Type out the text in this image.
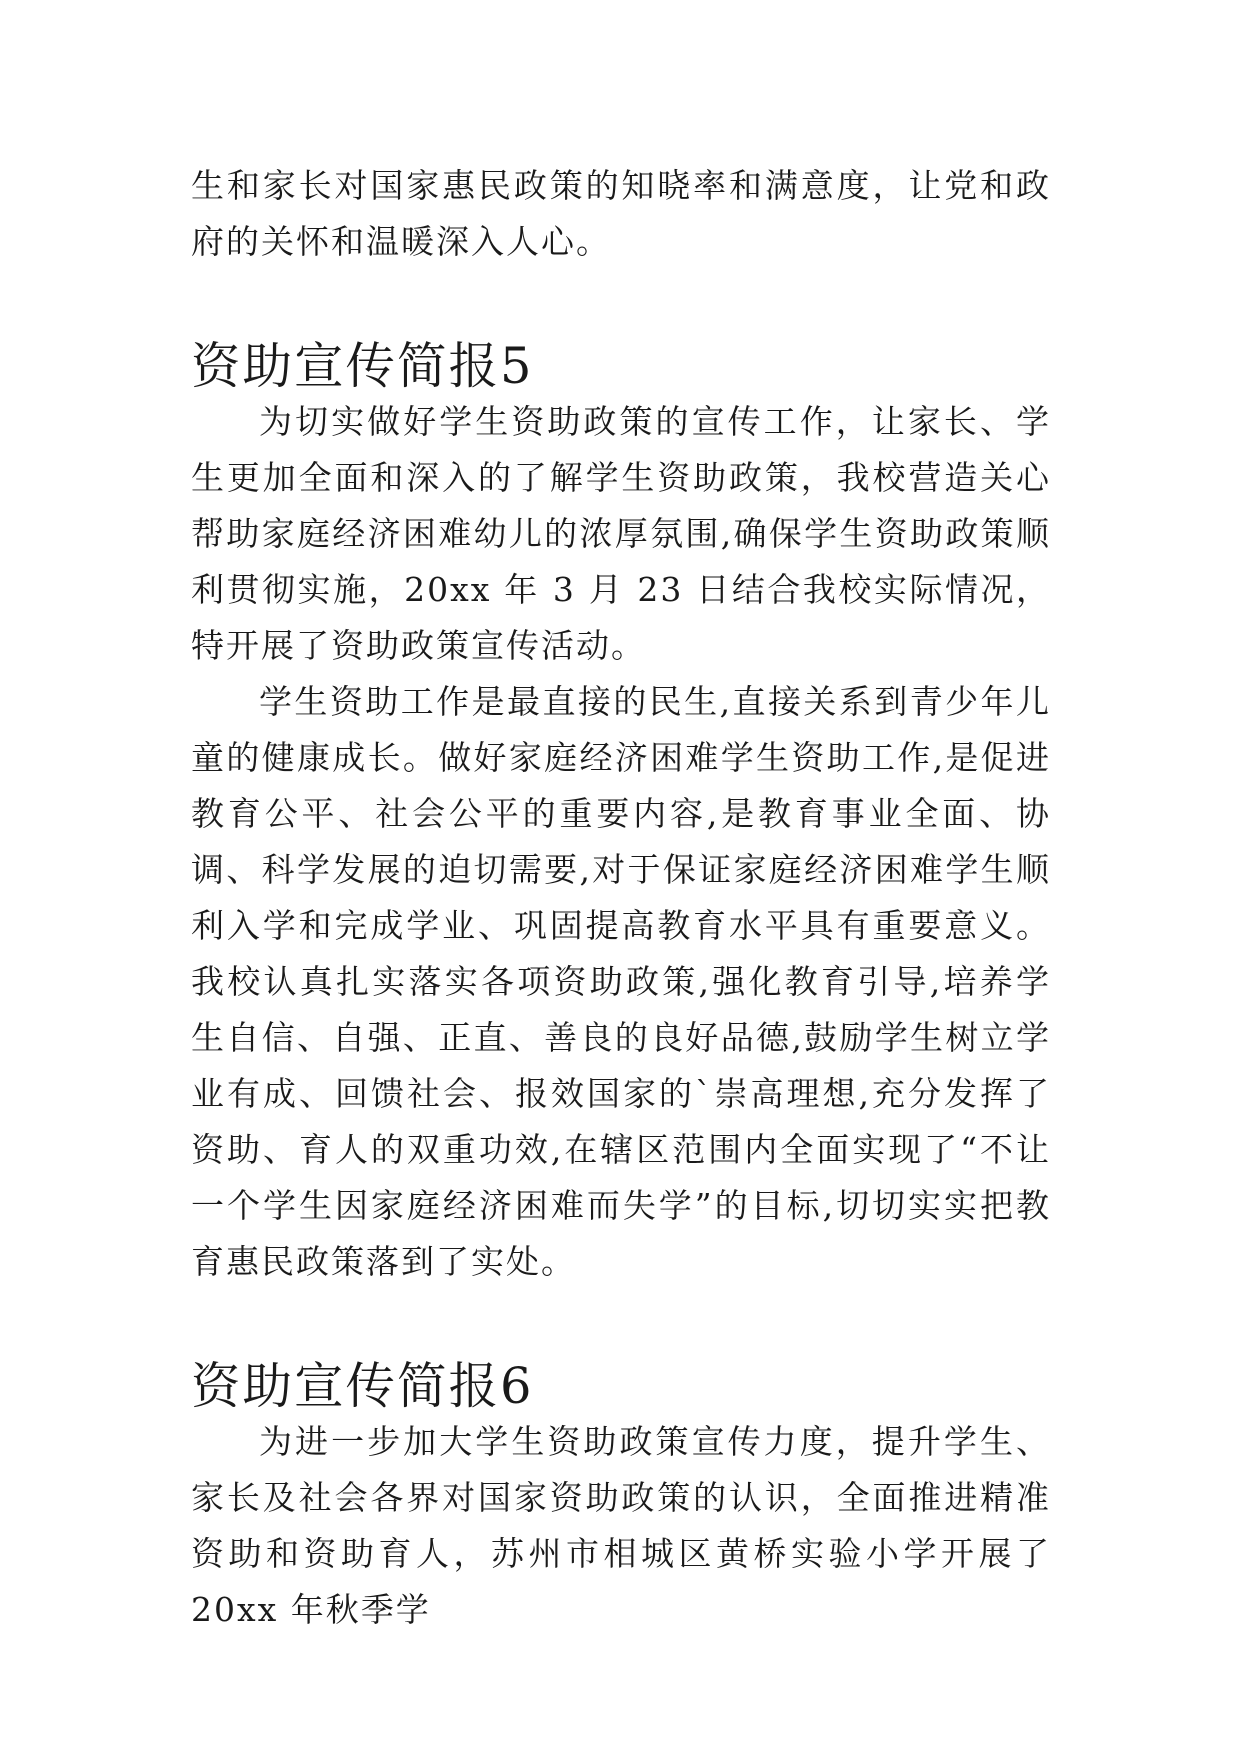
生和家长对国家惠民政策的知晓率和满意度，让党和政府的关怀和温暖深入人心。

资助宣传简报5

为切实做好学生资助政策的宣传工作，让家长、学生更加全面和深入的了解学生资助政策，我校营造关心帮助家庭经济困难幼儿的浓厚氛围,确保学生资助政策顺利贯彻实施，20xx 年 3 月 23 日结合我校实际情况，特开展了资助政策宣传活动。

学生资助工作是最直接的民生,直接关系到青少年儿童的健康成长。做好家庭经济困难学生资助工作,是促进教育公平、社会公平的重要内容,是教育事业全面、协调、科学发展的迫切需要,对于保证家庭经济困难学生顺利入学和完成学业、巩固提高教育水平具有重要意义。我校认真扎实落实各项资助政策,强化教育引导,培养学生自信、自强、正直、善良的良好品德,鼓励学生树立学业有成、回馈社会、报效国家的`崇高理想,充分发挥了资助、育人的双重功效,在辖区范围内全面实现了“不让一个学生因家庭经济困难而失学”的目标,切切实实把教育惠民政策落到了实处。

资助宣传简报6

为进一步加大学生资助政策宣传力度，提升学生、家长及社会各界对国家资助政策的认识，全面推进精准资助和资助育人，苏州市相城区黄桥实验小学开展了 20xx 年秋季学
